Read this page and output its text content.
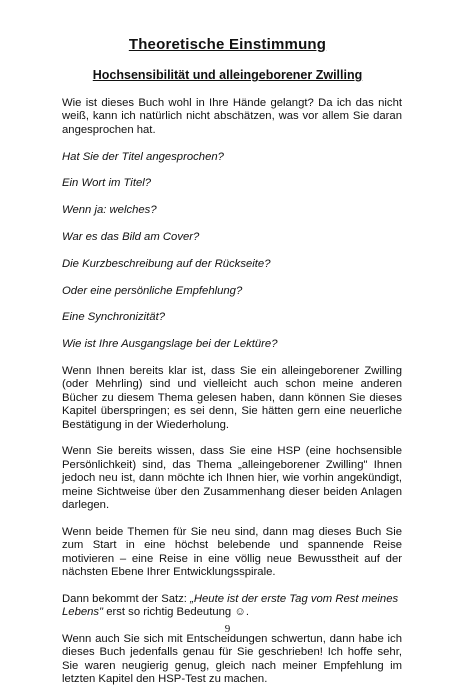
Theoretische Einstimmung
Hochsensibilität und alleingeborener Zwilling

Wie ist dieses Buch wohl in Ihre Hände gelangt? Da ich das nicht weiß, kann ich natürlich nicht abschätzen, was vor allem Sie daran angesprochen hat.

Hat Sie der Titel angesprochen?

Ein Wort im Titel?

Wenn ja: welches?

War es das Bild am Cover?

Die Kurzbeschreibung auf der Rückseite?

Oder eine persönliche Empfehlung?

Eine Synchronizität?

Wie ist Ihre Ausgangslage bei der Lektüre?

Wenn Ihnen bereits klar ist, dass Sie ein alleingeborener Zwilling (oder Mehrling) sind und vielleicht auch schon meine anderen Bücher zu diesem Thema gelesen haben, dann können Sie dieses Kapitel überspringen; es sei denn, Sie hätten gern eine neuerliche Bestätigung in der Wiederholung.

Wenn Sie bereits wissen, dass Sie eine HSP (eine hochsensible Persönlichkeit) sind, das Thema „alleingeborener Zwilling" Ihnen jedoch neu ist, dann möchte ich Ihnen hier, wie vorhin angekündigt, meine Sichtweise über den Zusammenhang dieser beiden Anlagen darlegen.

Wenn beide Themen für Sie neu sind, dann mag dieses Buch Sie zum Start in eine höchst belebende und spannende Reise motivieren – eine Reise in eine völlig neue Bewusstheit auf der nächsten Ebene Ihrer Entwicklungsspirale.

Dann bekommt der Satz: „Heute ist der erste Tag vom Rest meines Lebens" erst so richtig Bedeutung ☺.

Wenn auch Sie sich mit Entscheidungen schwertun, dann habe ich dieses Buch jedenfalls genau für Sie geschrieben! Ich hoffe sehr, Sie waren neugierig genug, gleich nach meiner Empfehlung im letzten Kapitel den HSP-Test zu machen.

9
